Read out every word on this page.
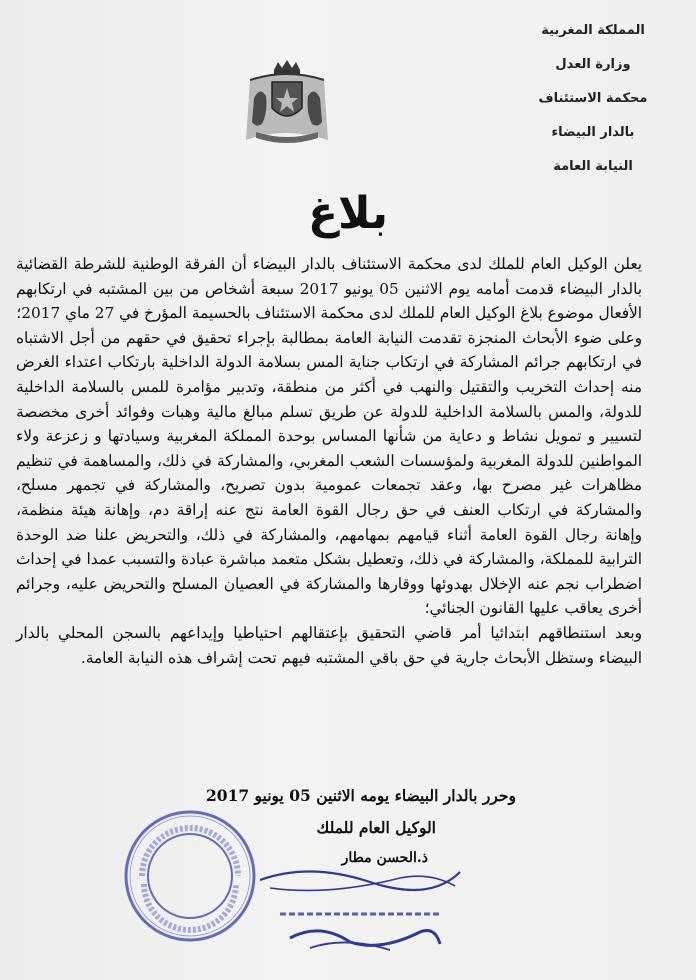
المملكة المغربية
وزارة العدل
محكمة الاستئناف
بالدار البيضاء
النيابة العامة
بلاغ

يعلن الوكيل العام للملك لدى محكمة الاستئناف بالدار البيضاء أن الفرقة الوطنية للشرطة القضائية بالدار البيضاء قدمت أمامه يوم الاثنين 05 يونيو 2017 سبعة أشخاص من بين المشتبه في ارتكابهم الأفعال موضوع بلاغ الوكيل العام للملك لدى محكمة الاستئناف بالحسيمة المؤرخ في 27 ماي 2017؛

وعلى ضوء الأبحاث المنجزة تقدمت النيابة العامة بمطالبة بإجراء تحقيق في حقهم من أجل الاشتباه في ارتكابهم جرائم المشاركة في ارتكاب جناية المس بسلامة الدولة الداخلية بارتكاب اعتداء الغرض منه إحداث التخريب والتقتيل والنهب في أكثر من منطقة، وتدبير مؤامرة للمس بالسلامة الداخلية للدولة، والمس بالسلامة الداخلية للدولة عن طريق تسلم مبالغ مالية وهبات وفوائد أخرى مخصصة لتسيير و تمويل نشاط و دعاية من شأنها المساس بوحدة المملكة المغربية وسيادتها و زعزعة ولاء المواطنين للدولة المغربية ولمؤسسات الشعب المغربي، والمشاركة في ذلك، والمساهمة في تنظيم مظاهرات غير مصرح بها، وعقد تجمعات عمومية بدون تصريح، والمشاركة في تجمهر مسلح، والمشاركة في ارتكاب العنف في حق رجال القوة العامة نتج عنه إراقة دم، وإهانة هيئة منظمة، وإهانة رجال القوة العامة أثناء قيامهم بمهامهم، والمشاركة في ذلك، والتحريض علنا ضد الوحدة الترابية للمملكة، والمشاركة في ذلك، وتعطيل بشكل متعمد مباشرة عبادة والتسبب عمدا في إحداث اضطراب نجم عنه الإخلال بهدوئها ووقارها والمشاركة في العصيان المسلح والتحريض عليه، وجرائم أخرى يعاقب عليها القانون الجنائي؛

وبعد استنطاقهم ابتدائيا أمر قاضي التحقيق بإعتقالهم احتياطيا وإيداعهم بالسجن المحلي بالدار البيضاء وستظل الأبحاث جارية في حق باقي المشتبه فيهم تحت إشراف هذه النيابة العامة.

وحرر بالدار البيضاء يومه الاثنين 05 يونيو 2017
الوكيل العام للملك
ذ.الحسن مطار
